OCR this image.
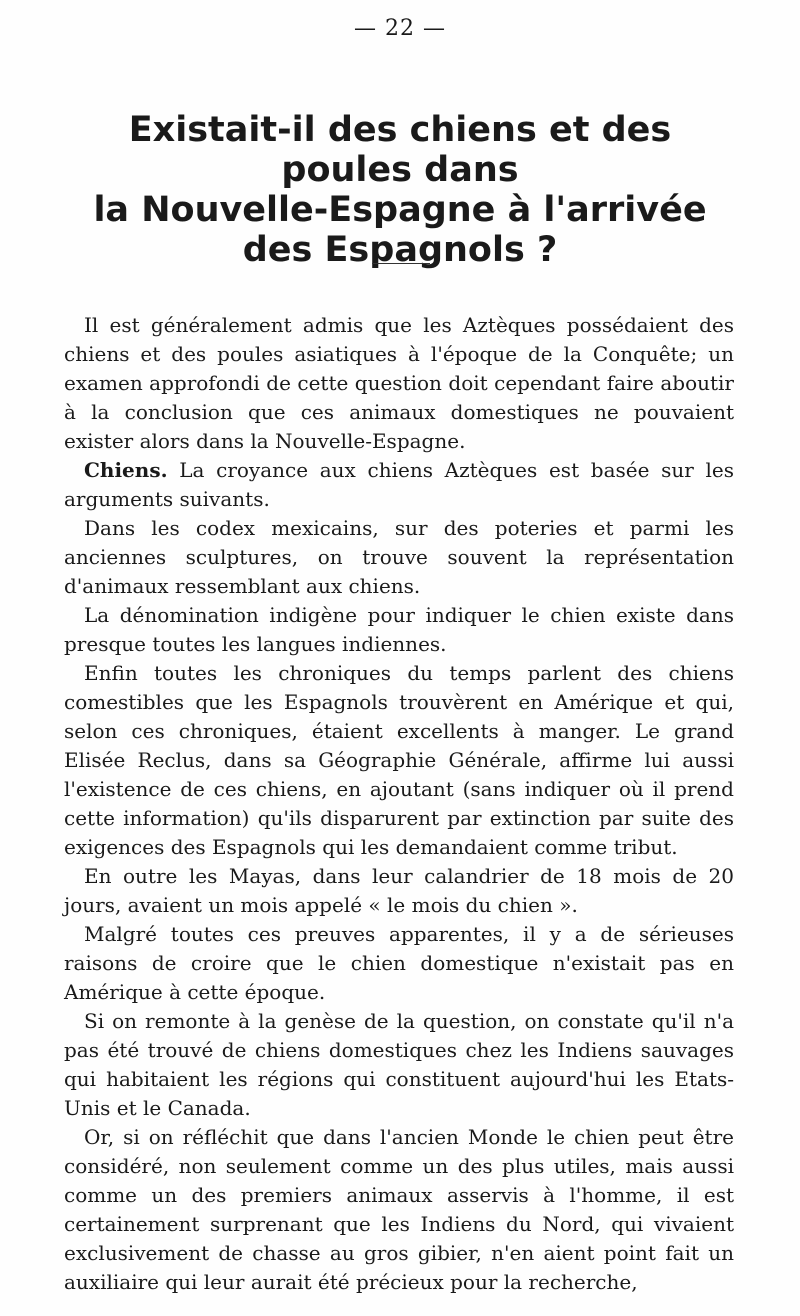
— 22 —
Existait-il des chiens et des poules dans
la Nouvelle-Espagne à l'arrivée
des Espagnols ?

Il est généralement admis que les Aztèques possédaient des chiens et des poules asiatiques à l'époque de la Conquête; un examen approfondi de cette question doit cependant faire aboutir à la conclusion que ces animaux domestiques ne pouvaient exister alors dans la Nouvelle-Espagne.

Chiens. La croyance aux chiens Aztèques est basée sur les arguments suivants.

Dans les codex mexicains, sur des poteries et parmi les anciennes sculptures, on trouve souvent la représentation d'animaux ressemblant aux chiens.

La dénomination indigène pour indiquer le chien existe dans presque toutes les langues indiennes.

Enfin toutes les chroniques du temps parlent des chiens comestibles que les Espagnols trouvèrent en Amérique et qui, selon ces chroniques, étaient excellents à manger. Le grand Elisée Reclus, dans sa Géographie Générale, affirme lui aussi l'existence de ces chiens, en ajoutant (sans indiquer où il prend cette information) qu'ils disparurent par extinction par suite des exigences des Espagnols qui les demandaient comme tribut.

En outre les Mayas, dans leur calandrier de 18 mois de 20 jours, avaient un mois appelé « le mois du chien ».

Malgré toutes ces preuves apparentes, il y a de sérieuses raisons de croire que le chien domestique n'existait pas en Amérique à cette époque.

Si on remonte à la genèse de la question, on constate qu'il n'a pas été trouvé de chiens domestiques chez les Indiens sauvages qui habitaient les régions qui constituent aujourd'hui les Etats-Unis et le Canada.

Or, si on réfléchit que dans l'ancien Monde le chien peut être considéré, non seulement comme un des plus utiles, mais aussi comme un des premiers animaux asservis à l'homme, il est certainement surprenant que les Indiens du Nord, qui vivaient exclusivement de chasse au gros gibier, n'en aient point fait un auxiliaire qui leur aurait été précieux pour la recherche,
